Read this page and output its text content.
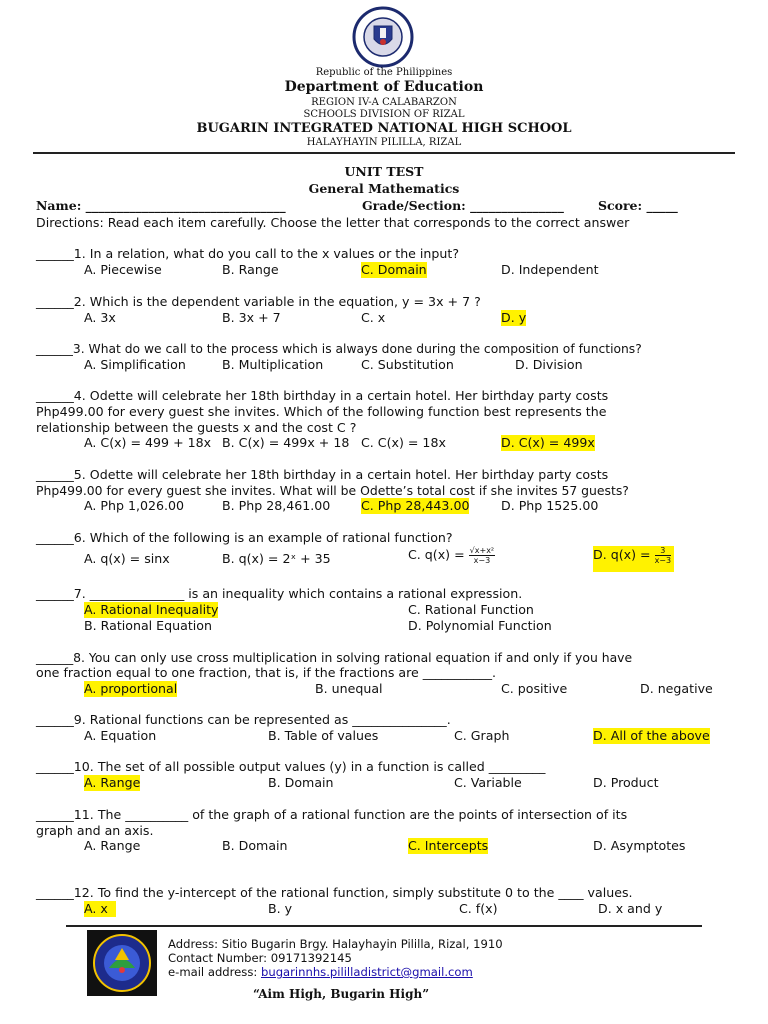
Republic of the Philippines
Department of Education
REGION IV-A CALABARZON
SCHOOLS DIVISION OF RIZAL
BUGARIN INTEGRATED NATIONAL HIGH SCHOOL
HALAYHAYIN PILILLA, RIZAL
UNIT TEST
General Mathematics
Name: ________________________________	Grade/Section: _______________	Score: _____
Directions: Read each item carefully. Choose the letter that corresponds to the correct answer
______1. In a relation, what do you call to the x values or the input?
A. Piecewise	B. Range	C. Domain	D. Independent
______2. Which is the dependent variable in the equation, y = 3x + 7 ?
A. 3x	B. 3x + 7	C. x	D. y
______3. What do we call to the process which is always done during the composition of functions?
A. Simplification	B. Multiplication	C. Substitution	D. Division
______4. Odette will celebrate her 18th birthday in a certain hotel. Her birthday party costs
Php499.00 for every guest she invites. Which of the following function best represents the
relationship between the guests x and the cost C ?
A. C(x) = 499 + 18x B. C(x) = 499x + 18 C. C(x) = 18x	D. C(x) = 499x
______5. Odette will celebrate her 18th birthday in a certain hotel. Her birthday party costs
Php499.00 for every guest she invites. What will be Odette’s total cost if she invites 57 guests?
A. Php 1,026.00	B. Php 28,461.00 C. Php 28,443.00	D. Php 1525.00
______6. Which of the following is an example of rational function?
A. q(x) = sinx	B. q(x) = 2ˣ + 35	C. $q(x) = \frac{\text{√x+x²}}{x-3}$	D. $q(x) = \frac{3}{x-3}$
______7. _______________ is an inequality which contains a rational expression.
A. Rational Inequality	C. Rational Function
B. Rational Equation	D. Polynomial Function
______8. You can only use cross multiplication in solving rational equation if and only if you have
one fraction equal to one fraction, that is, if the fractions are ___________.
A. proportional	B. unequal	C. positive	D. negative
______9. Rational functions can be represented as _______________.
A. Equation	B. Table of values	C. Graph	D. All of the above
______10. The set of all possible output values (y) in a function is called _________
A. Range	B. Domain	C. Variable	D. Product
______11. The __________ of the graph of a rational function are the points of intersection of its
graph and an axis.
A. Range	B. Domain	C. Intercepts	D. Asymptotes
______12. To find the y-intercept of the rational function, simply substitute 0 to the ____ values.
A. x	B. y	C. f(x)	D. x and y
Address: Sitio Bugarin Brgy. Halayhayin Pililla, Rizal, 1910
Contact Number: 09171392145
e-mail address: bugarinnhs.pililladistrict@gmail.com
“Aim High, Bugarin High”
